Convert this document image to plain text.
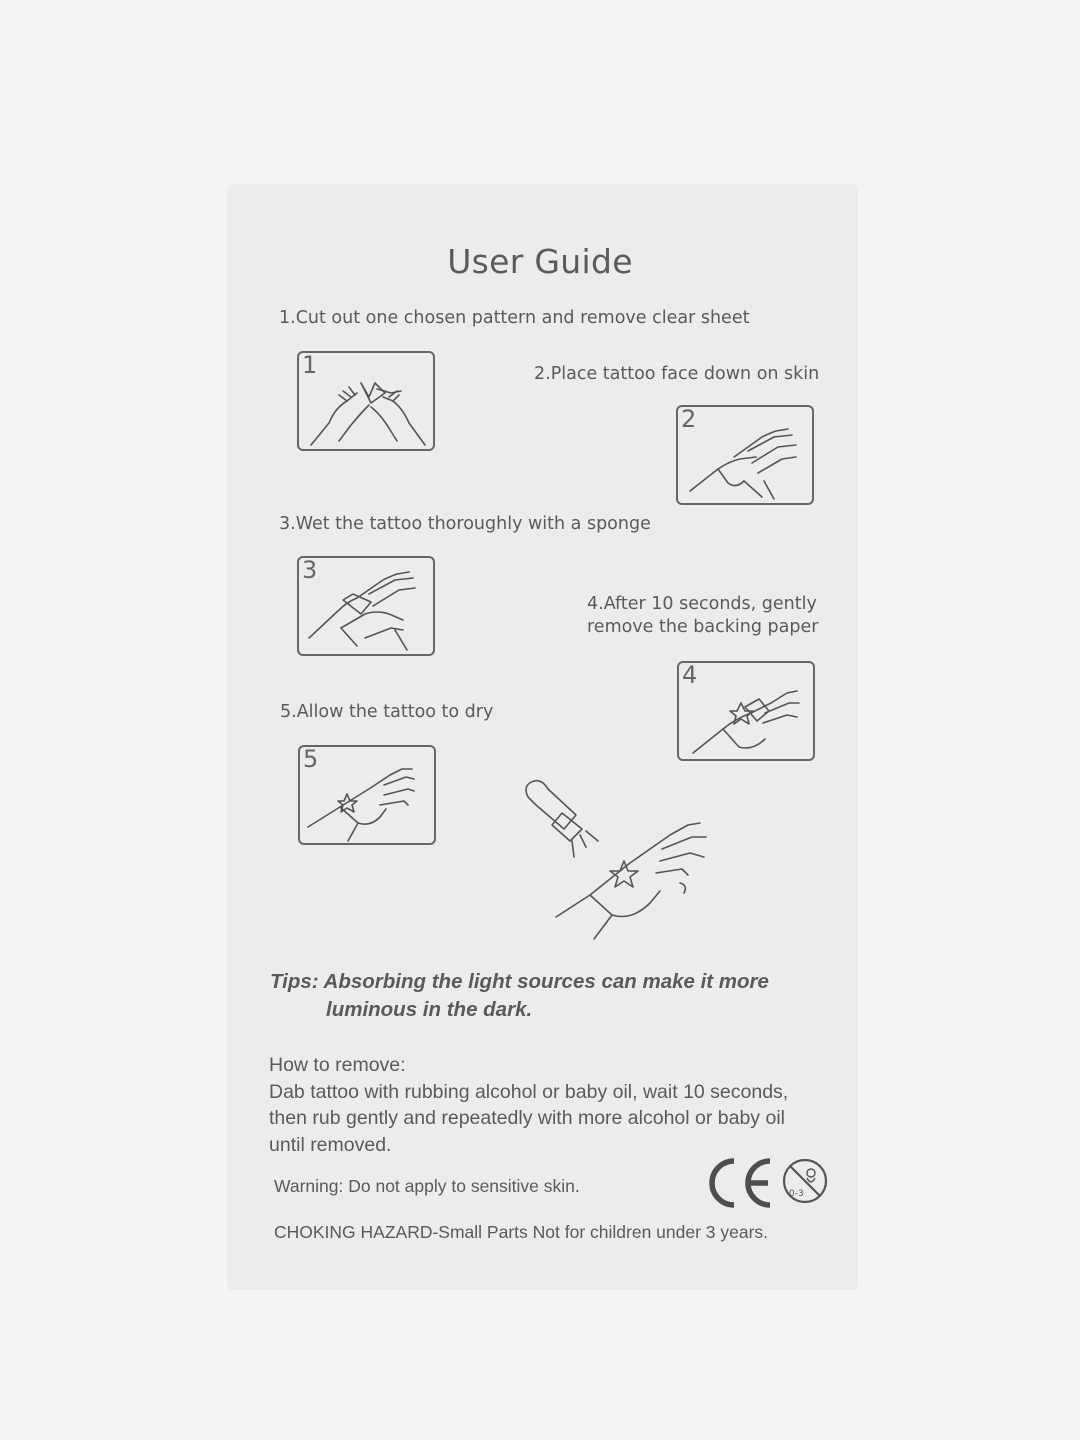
User Guide
1.Cut out one chosen pattern and remove clear sheet
1	2.Place tattoo face down on skin
2
3.Wet the tattoo thoroughly with a sponge
3
4.After 10 seconds, gently
remove the backing paper
4
5.Allow the tattoo to dry
5
Tips: Absorbing the light sources can make it more
luminous in the dark.
How to remove:
Dab tattoo with rubbing alcohol or baby oil, wait 10 seconds,
then rub gently and repeatedly with more alcohol or baby oil
until removed.
Warning: Do not apply to sensitive skin.	0-3
CHOKING HAZARD-Small Parts Not for children under 3 years.
